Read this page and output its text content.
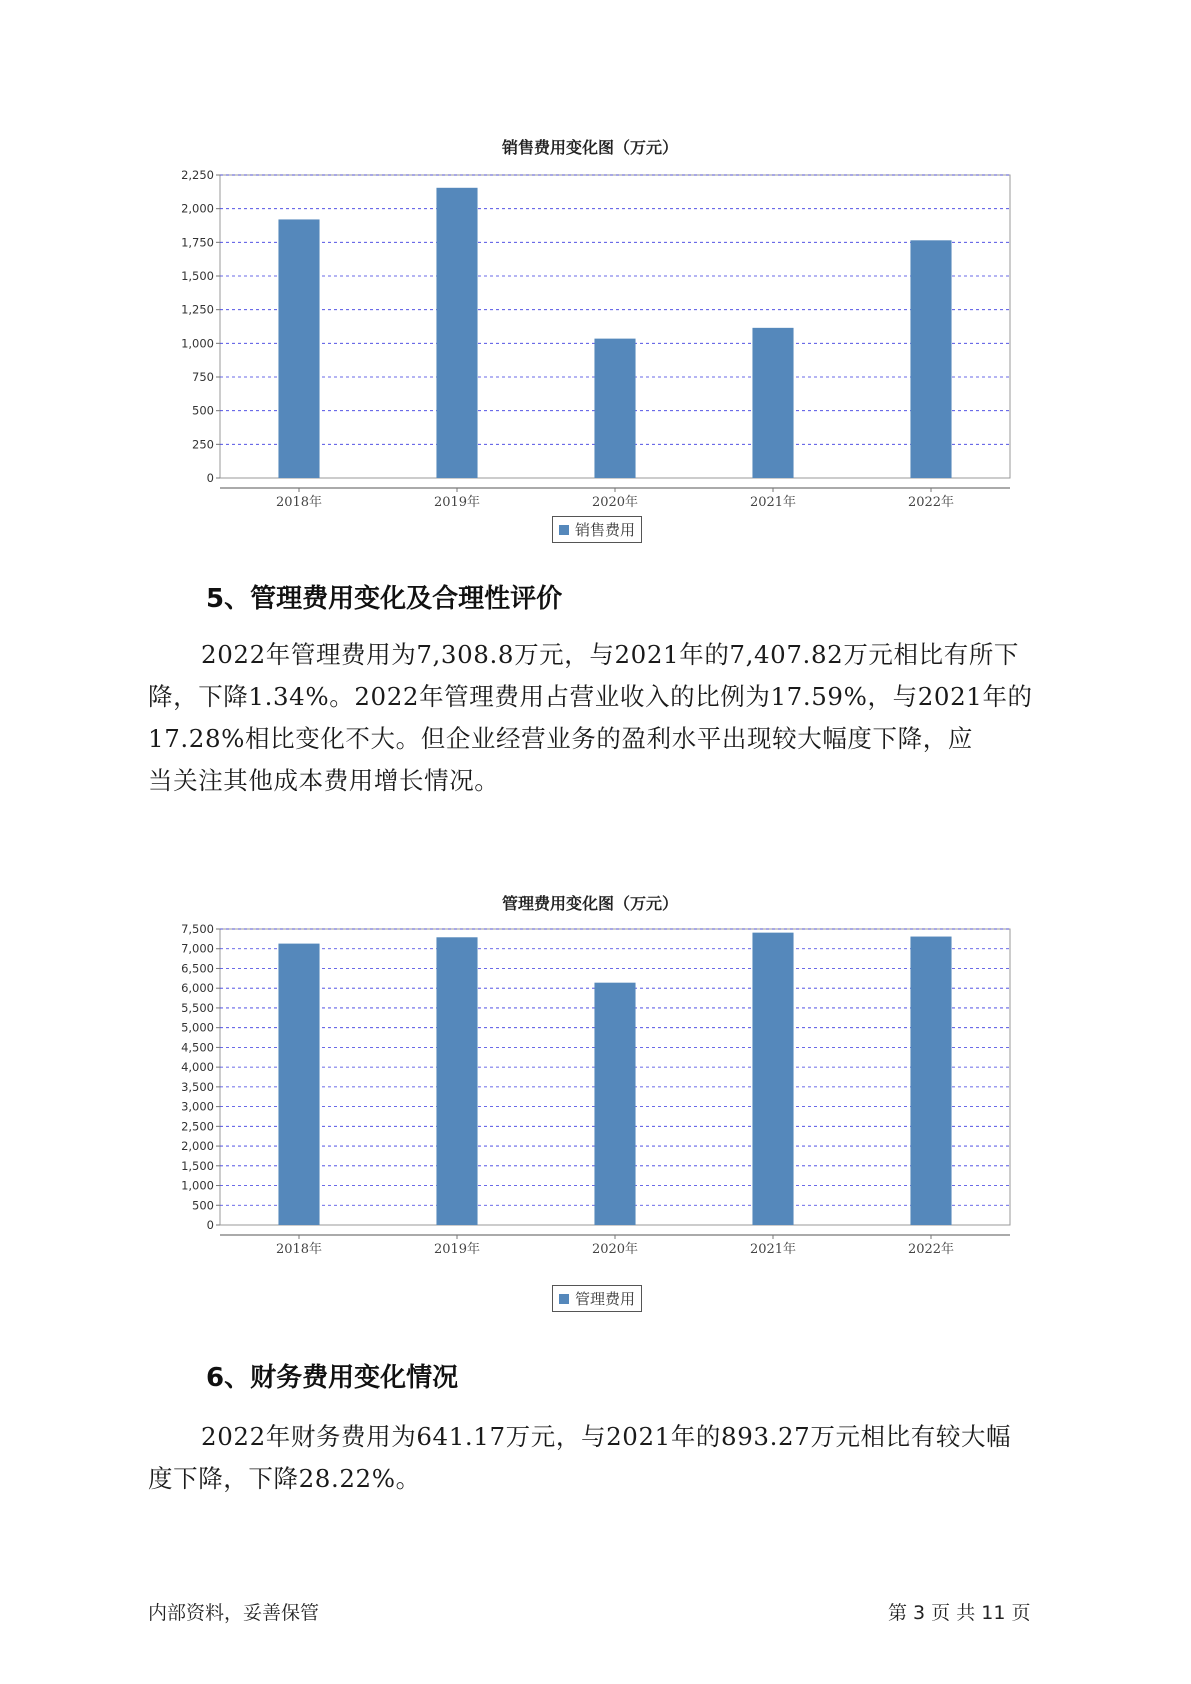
销售费用变化图（万元）
0
250
500
750
1,000
1,250
1,500
1,750
2,000
2,250
2018年	2019年	2020年	2021年	2022年
销售费用
5、管理费用变化及合理性评价

2022年管理费用为7,308.8万元，与2021年的7,407.82万元相比有所下
降，下降1.34%。2022年管理费用占营业收入的比例为17.59%，与2021年的
17.28%相比变化不大。但企业经营业务的盈利水平出现较大幅度下降，应
当关注其他成本费用增长情况。

管理费用变化图（万元）
0
500
1,000
1,500
2,000
2,500
3,000
3,500
4,000
4,500
5,000
5,500
6,000
6,500
7,000
7,500
2018年	2019年	2020年	2021年	2022年
管理费用
6、财务费用变化情况

2022年财务费用为641.17万元，与2021年的893.27万元相比有较大幅
度下降，下降28.22%。

内部资料，妥善保管	第 3 页 共 11 页
